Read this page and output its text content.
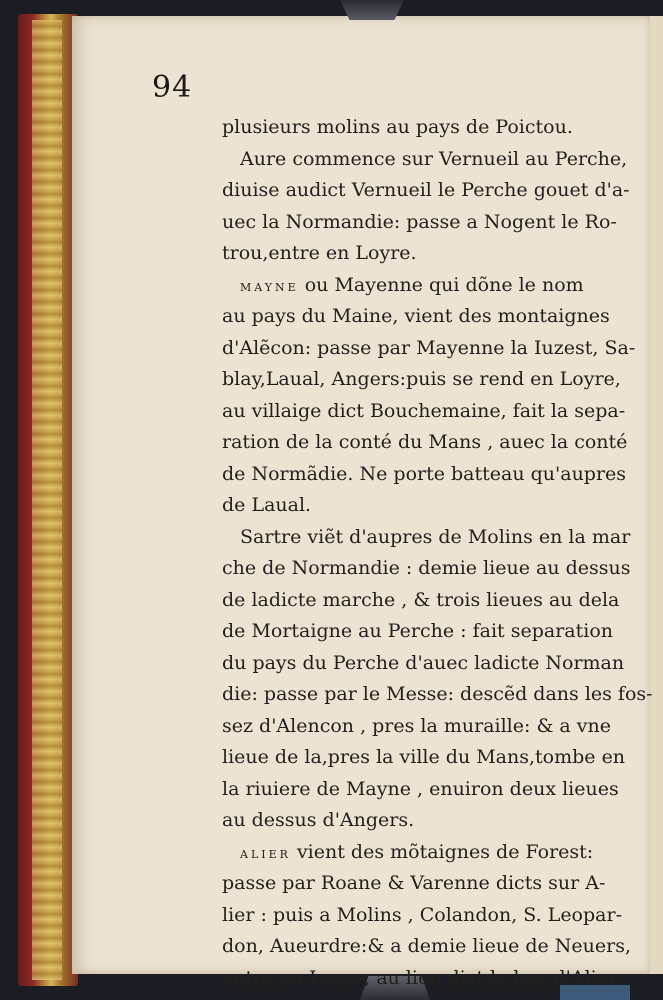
94
plusieurs molins au pays de Poictou.
Aure commence sur Vernueil au Perche,
diuise audict Vernueil le Perche gouet d'a-
uec la Normandie: passe a Nogent le Ro-
trou,entre en Loyre.
mayne ou Mayenne qui dõne le nom
au pays du Maine, vient des montaignes
d'Alẽcon: passe par Mayenne la Iuzest, Sa-
blay,Laual, Angers:puis se rend en Loyre,
au villaige dict Bouchemaine, fait la sepa-
ration de la conté du Mans , auec la conté
de Normãdie. Ne porte batteau qu'aupres
de Laual.
Sartre viẽt d'aupres de Molins en la mar
che de Normandie : demie lieue au dessus
de ladicte marche , & trois lieues au dela
de Mortaigne au Perche : fait separation
du pays du Perche d'auec ladicte Norman
die: passe par le Messe: descẽd dans les fos-
sez d'Alencon , pres la muraille: & a vne
lieue de la,pres la ville du Mans,tombe en
la riuiere de Mayne , enuiron deux lieues
au dessus d'Angers.
alier vient des mõtaignes de Forest:
passe par Roane & Varenne dicts sur A-
lier : puis a Molins , Colandon, S. Leopar-
don, Aueurdre:& a demie lieue de Neuers,
entre en Loyre, au lieu dict le bec d'Alier.
